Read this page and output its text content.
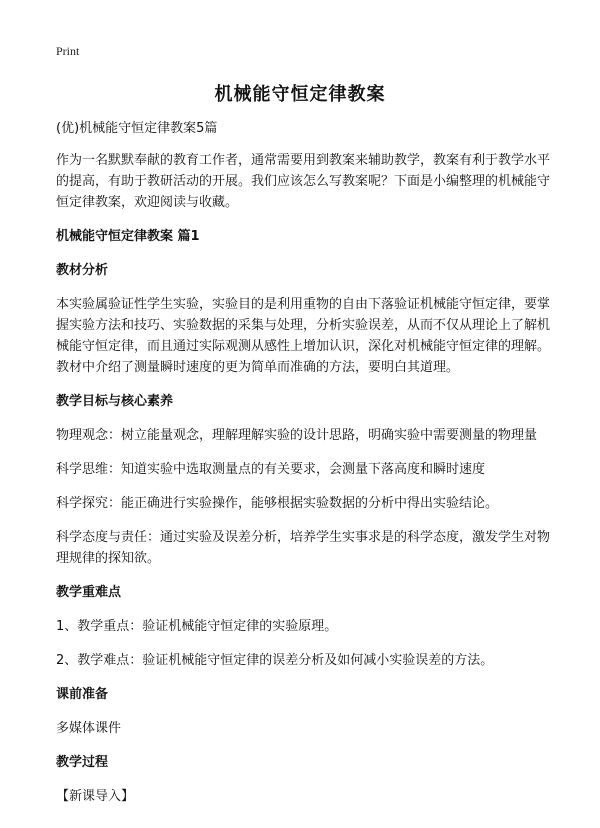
Print
机械能守恒定律教案

(优)机械能守恒定律教案5篇

作为一名默默奉献的教育工作者，通常需要用到教案来辅助教学，教案有利于教学水平的提高，有助于教研活动的开展。我们应该怎么写教案呢？下面是小编整理的机械能守恒定律教案，欢迎阅读与收藏。

机械能守恒定律教案 篇1

教材分析

本实验属验证性学生实验，实验目的是利用重物的自由下落验证机械能守恒定律，要掌握实验方法和技巧、实验数据的采集与处理，分析实验误差，从而不仅从理论上了解机械能守恒定律，而且通过实际观测从感性上增加认识，深化对机械能守恒定律的理解。教材中介绍了测量瞬时速度的更为简单而准确的方法，要明白其道理。

教学目标与核心素养

物理观念：树立能量观念，理解理解实验的设计思路，明确实验中需要测量的物理量

科学思维：知道实验中选取测量点的有关要求，会测量下落高度和瞬时速度

科学探究：能正确进行实验操作，能够根据实验数据的分析中得出实验结论。

科学态度与责任：通过实验及误差分析，培养学生实事求是的科学态度，激发学生对物理规律的探知欲。

教学重难点

1、教学重点：验证机械能守恒定律的实验原理。

2、教学难点：验证机械能守恒定律的误差分析及如何减小实验误差的方法。

课前准备

多媒体课件

教学过程

【新课导入】
